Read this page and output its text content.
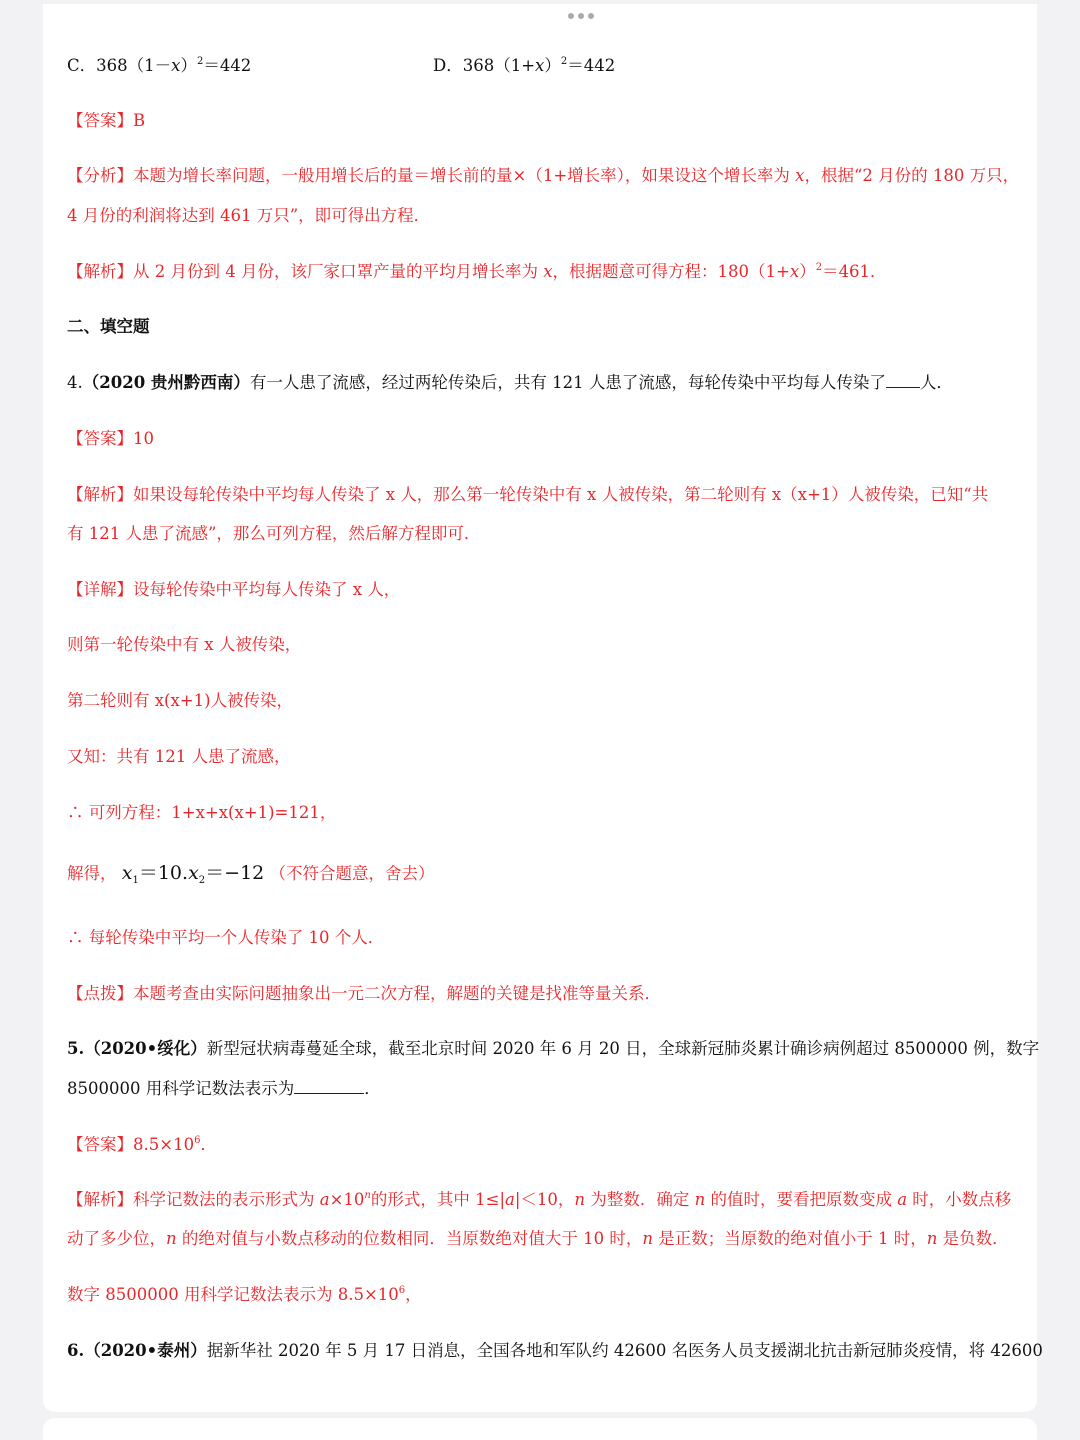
C．$368(1-x)^2=442$	D．$368(1+x)^2=442$
【答案】B
【分析】本题为增长率问题，一般用增长后的量＝增长前的量×（1+增长率），如果设这个增长率为 x，根据“2 月份的 180 万只，
4 月份的利润将达到 461 万只”，即可得出方程．
【解析】从 2 月份到 4 月份，该厂家口罩产量的平均月增长率为 x，根据题意可得方程：$180(1+x)^2=461$．
二、填空题
4.（2020 贵州黔西南）有一人患了流感，经过两轮传染后，共有 121 人患了流感，每轮传染中平均每人传染了 人．
【答案】10
【解析】如果设每轮传染中平均每人传染了 x 人，那么第一轮传染中有 x 人被传染，第二轮则有 x（x+1）人被传染，已知“共
有 121 人患了流感”，那么可列方程，然后解方程即可．
【详解】设每轮传染中平均每人传染了 x 人，
则第一轮传染中有 x 人被传染，
第二轮则有 x(x+1)人被传染，
又知：共有 121 人患了流感，
∴ 可列方程：1+x+x(x+1)=121，
解得， $x_1=10.x_2=-12$ （不符合题意，舍去）
∴ 每轮传染中平均一个人传染了 10 个人．
【点拨】本题考查由实际问题抽象出一元二次方程，解题的关键是找准等量关系．
5.（2020•绥化）新型冠状病毒蔓延全球，截至北京时间 2020 年 6 月 20 日，全球新冠肺炎累计确诊病例超过 8500000 例，数字
8500000 用科学记数法表示为	．
【答案】$8.5\times 10^6$．
【解析】科学记数法的表示形式为 $a\times 10^n$的形式，其中 1≤|a|＜10，n 为整数．确定 n 的值时，要看把原数变成 a 时，小数点移
动了多少位，n 的绝对值与小数点移动的位数相同．当原数绝对值大于 10 时，n 是正数；当原数的绝对值小于 1 时，n 是负数．
数字 8500000 用科学记数法表示为 $8.5\times 10^6$，
6.（2020•泰州）据新华社 2020 年 5 月 17 日消息，全国各地和军队约 42600 名医务人员支援湖北抗击新冠肺炎疫情，将 42600
